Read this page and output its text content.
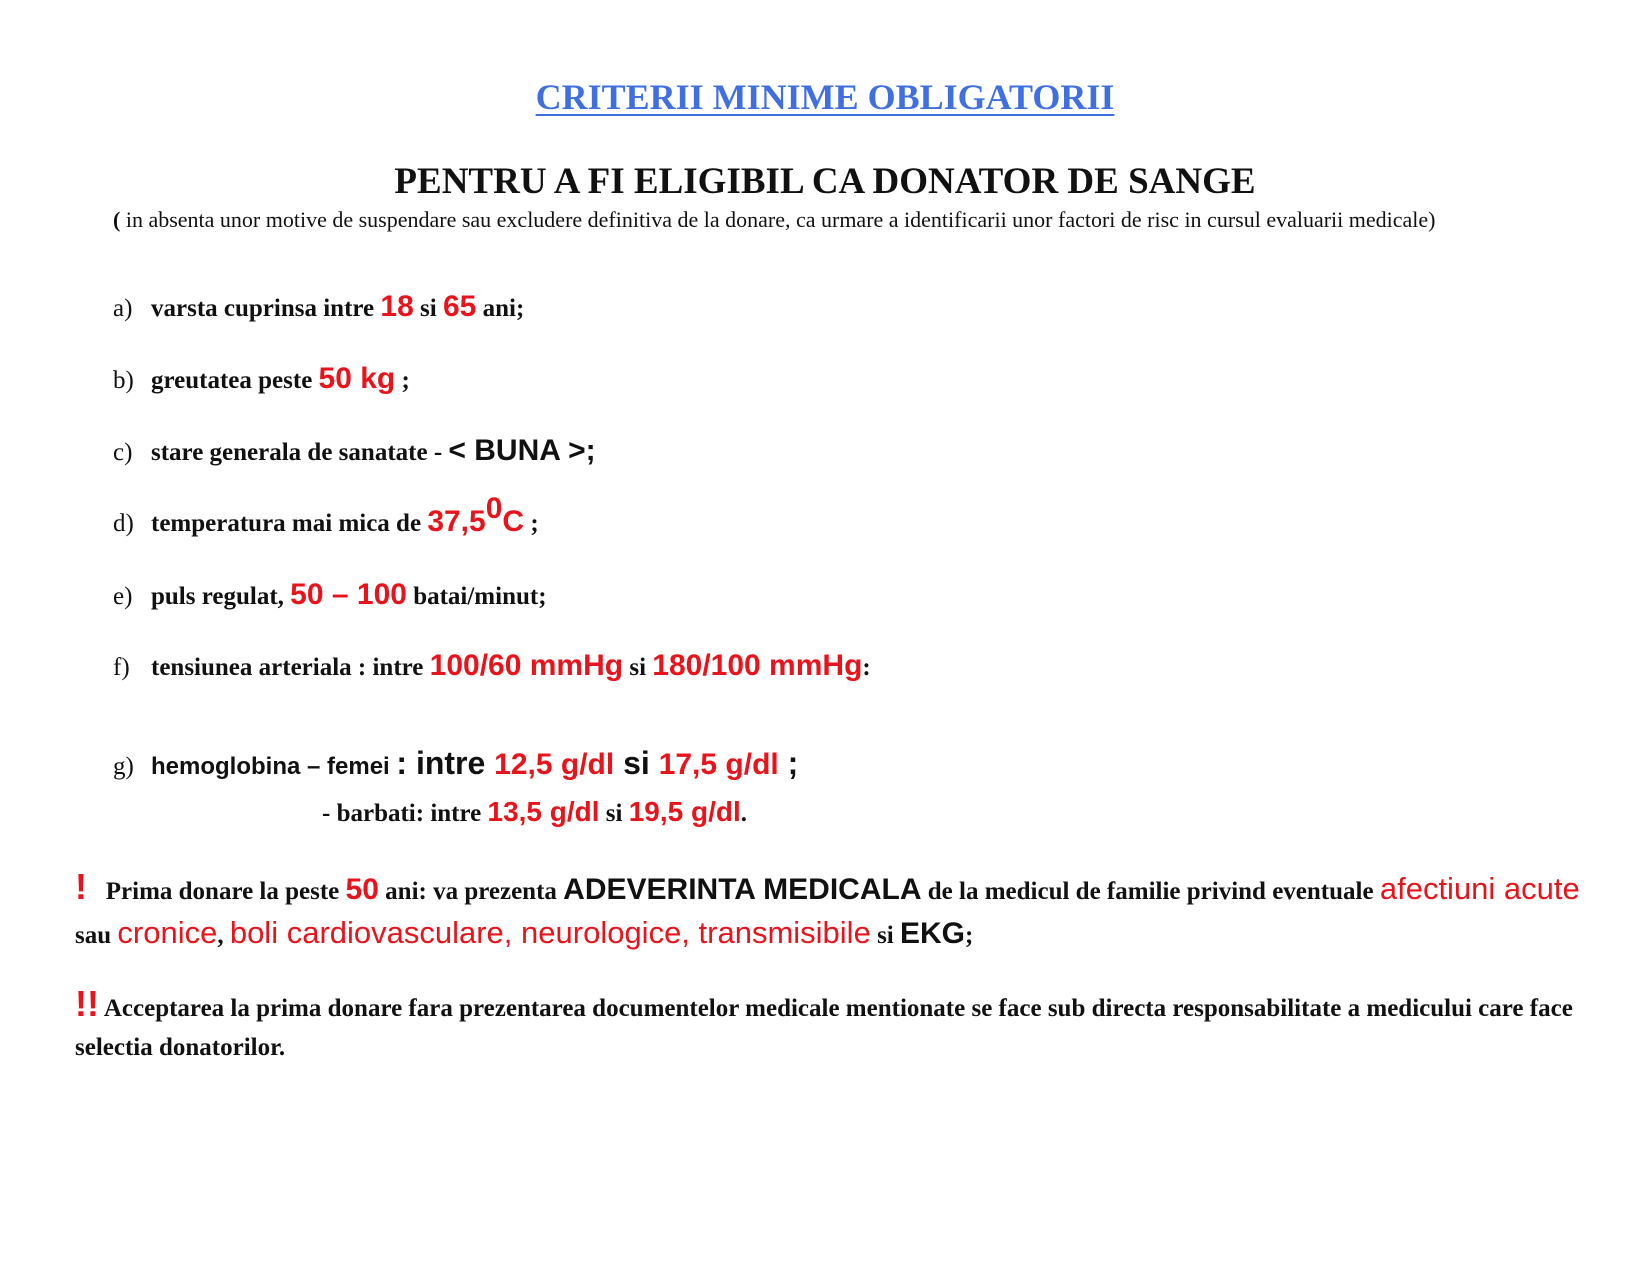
CRITERII MINIME OBLIGATORII
PENTRU A FI ELIGIBIL CA DONATOR DE SANGE
( in absenta unor motive de suspendare sau excludere definitiva de la donare, ca urmare a identificarii unor factori de risc in cursul evaluarii medicale)
a) varsta cuprinsa intre 18 si 65 ani;
b) greutatea peste 50 kg ;
c) stare generala de sanatate - < BUNA >;
d) temperatura mai mica de 37,5$^0$C ;
e) puls regulat, 50 – 100 batai/minut;
f) tensiunea arteriala : intre 100/60 mmHg si 180/100 mmHg:
g) hemoglobina – femei : intre 12,5 g/dl si 17,5 g/dl ;
- barbati: intre 13,5 g/dl si 19,5 g/dl.
! Prima donare la peste 50 ani: va prezenta ADEVERINTA MEDICALA de la medicul de familie privind eventuale afectiuni acute sau cronice, boli cardiovasculare, neurologice, transmisibile si EKG;
!! Acceptarea la prima donare fara prezentarea documentelor medicale mentionate se face sub directa responsabilitate a medicului care face selectia donatorilor.
